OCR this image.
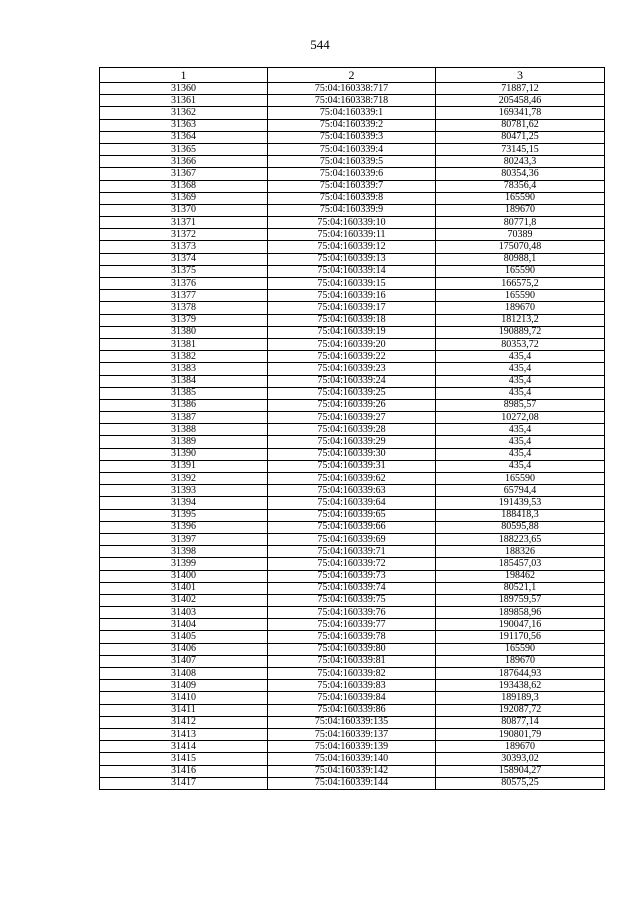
544
1	2	3
31360	75:04:160338:717	71887,12
31361	75:04:160338:718	205458,46
31362	75:04:160339:1	169341,78
31363	75:04:160339:2	80781,62
31364	75:04:160339:3	80471,25
31365	75:04:160339:4	73145,15
31366	75:04:160339:5	80243,3
31367	75:04:160339:6	80354,36
31368	75:04:160339:7	78356,4
31369	75:04:160339:8	165590
31370	75:04:160339:9	189670
31371	75:04:160339:10	80771,8
31372	75:04:160339:11	70389
31373	75:04:160339:12	175070,48
31374	75:04:160339:13	80988,1
31375	75:04:160339:14	165590
31376	75:04:160339:15	166575,2
31377	75:04:160339:16	165590
31378	75:04:160339:17	189670
31379	75:04:160339:18	181213,2
31380	75:04:160339:19	190889,72
31381	75:04:160339:20	80353,72
31382	75:04:160339:22	435,4
31383	75:04:160339:23	435,4
31384	75:04:160339:24	435,4
31385	75:04:160339:25	435,4
31386	75:04:160339:26	8985,57
31387	75:04:160339:27	10272,08
31388	75:04:160339:28	435,4
31389	75:04:160339:29	435,4
31390	75:04:160339:30	435,4
31391	75:04:160339:31	435,4
31392	75:04:160339:62	165590
31393	75:04:160339:63	65794,4
31394	75:04:160339:64	191439,53
31395	75:04:160339:65	188418,3
31396	75:04:160339:66	80595,88
31397	75:04:160339:69	188223,65
31398	75:04:160339:71	188326
31399	75:04:160339:72	185457,03
31400	75:04:160339:73	198462
31401	75:04:160339:74	80521,1
31402	75:04:160339:75	189759,57
31403	75:04:160339:76	189858,96
31404	75:04:160339:77	190047,16
31405	75:04:160339:78	191170,56
31406	75:04:160339:80	165590
31407	75:04:160339:81	189670
31408	75:04:160339:82	187644,93
31409	75:04:160339:83	193438,62
31410	75:04:160339:84	189189,3
31411	75:04:160339:86	192087,72
31412	75:04:160339:135	80877,14
31413	75:04:160339:137	190801,79
31414	75:04:160339:139	189670
31415	75:04:160339:140	30393,02
31416	75:04:160339:142	158904,27
31417	75:04:160339:144	80575,25
